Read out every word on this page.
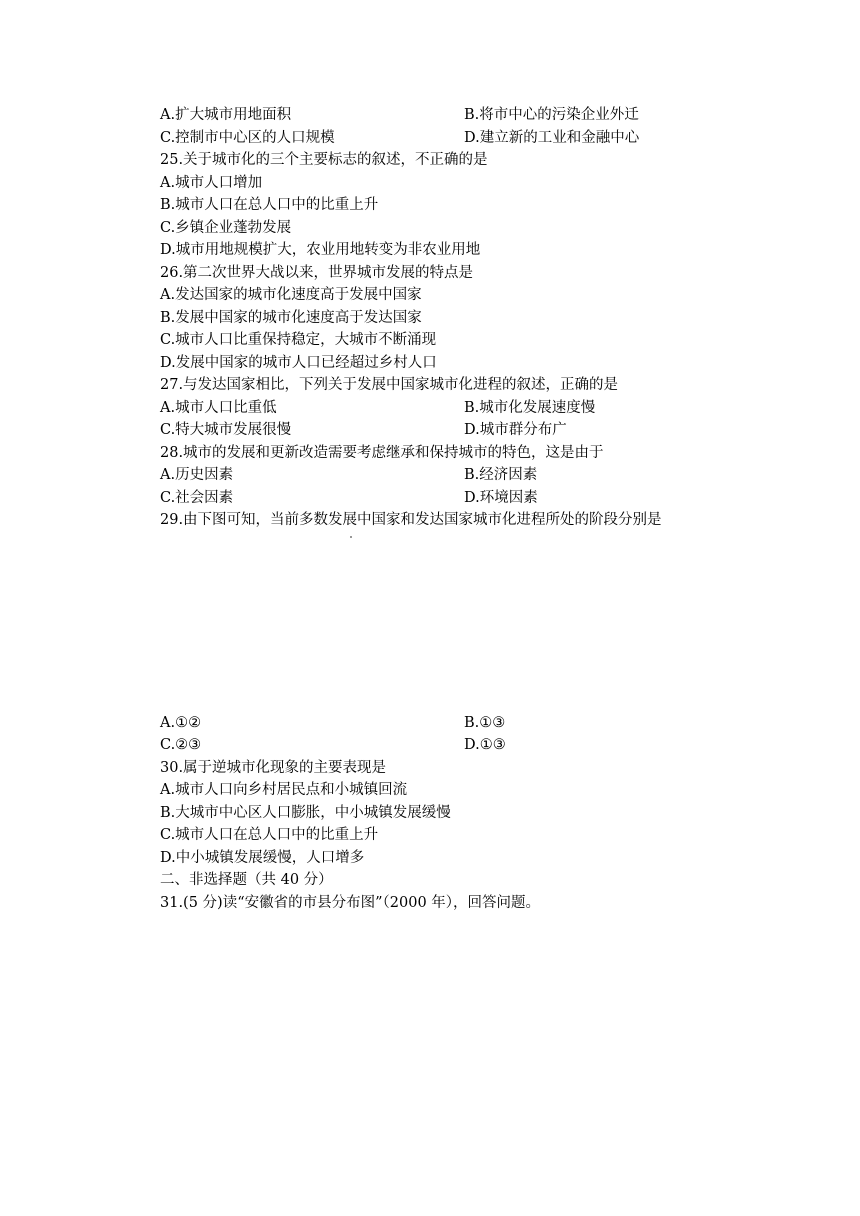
A.扩大城市用地面积	B.将市中心的污染企业外迁
C.控制市中心区的人口规模	D.建立新的工业和金融中心
25.关于城市化的三个主要标志的叙述，不正确的是
A.城市人口增加
B.城市人口在总人口中的比重上升
C.乡镇企业蓬勃发展
D.城市用地规模扩大，农业用地转变为非农业用地
26.第二次世界大战以来，世界城市发展的特点是
A.发达国家的城市化速度高于发展中国家
B.发展中国家的城市化速度高于发达国家
C.城市人口比重保持稳定，大城市不断涌现
D.发展中国家的城市人口已经超过乡村人口
27.与发达国家相比，下列关于发展中国家城市化进程的叙述，正确的是
A.城市人口比重低	B.城市化发展速度慢
C.特大城市发展很慢	D.城市群分布广
28.城市的发展和更新改造需要考虑继承和保持城市的特色，这是由于
A.历史因素	B.经济因素
C.社会因素	D.环境因素
29.由下图可知，当前多数发展中国家和发达国家城市化进程所处的阶段分别是
A.①②	B.①③
C.②③	D.①③
30.属于逆城市化现象的主要表现是
A.城市人口向乡村居民点和小城镇回流
B.大城市中心区人口膨胀，中小城镇发展缓慢
C.城市人口在总人口中的比重上升
D.中小城镇发展缓慢，人口增多
二、非选择题（共 40 分）
31.(5 分)读“安徽省的市县分布图”（2000 年），回答问题。
